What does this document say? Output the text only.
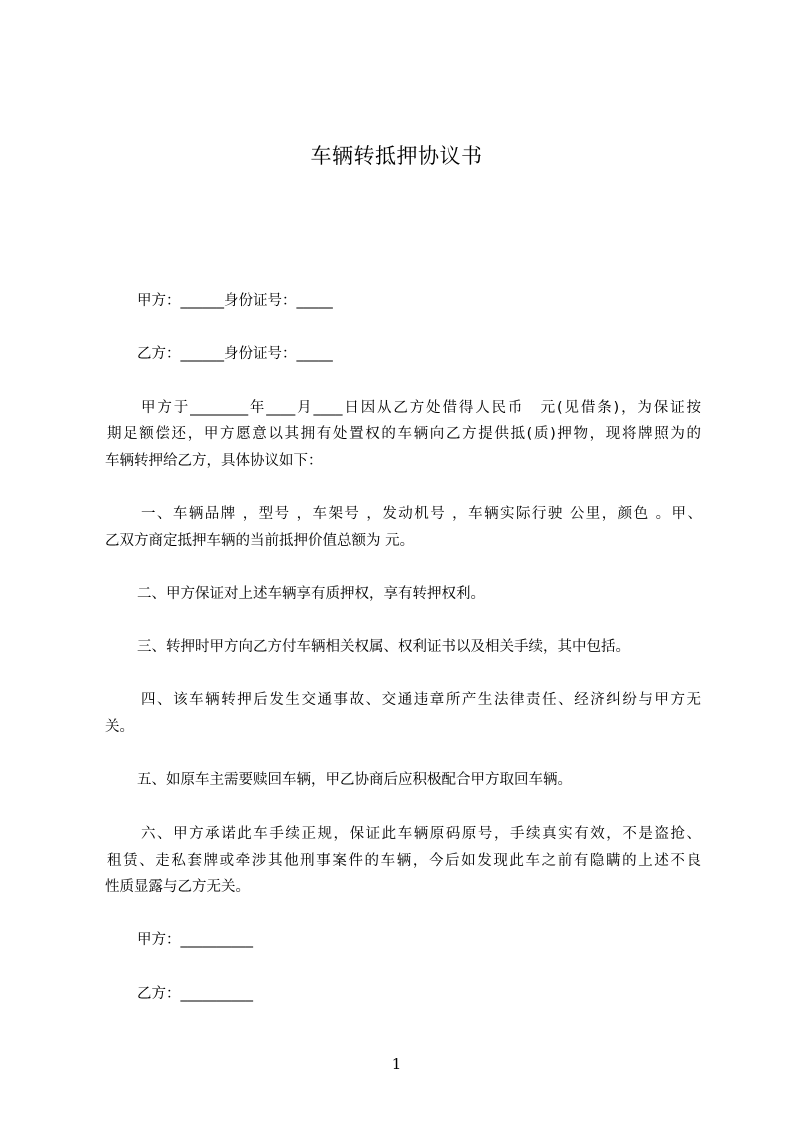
车辆转抵押协议书
甲方：______身份证号：_____
乙方：______身份证号：_____
甲方于________年____月____日因从乙方处借得人民币　元(见借条)，为保证按
期足额偿还，甲方愿意以其拥有处置权的车辆向乙方提供抵(质)押物，现将牌照为的
车辆转押给乙方，具体协议如下：
一、车辆品牌 ，型号 ，车架号 ，发动机号 ，车辆实际行驶 公里，颜色 。甲、
乙双方商定抵押车辆的当前抵押价值总额为 元。
二、甲方保证对上述车辆享有质押权，享有转押权利。
三、转押时甲方向乙方付车辆相关权属、权利证书以及相关手续，其中包括。
四、该车辆转押后发生交通事故、交通违章所产生法律责任、经济纠纷与甲方无
关。
五、如原车主需要赎回车辆，甲乙协商后应积极配合甲方取回车辆。
六、甲方承诺此车手续正规，保证此车辆原码原号，手续真实有效，不是盗抢、
租赁、走私套牌或牵涉其他刑事案件的车辆，今后如发现此车之前有隐瞒的上述不良
性质显露与乙方无关。
甲方：__________
乙方：__________
1
